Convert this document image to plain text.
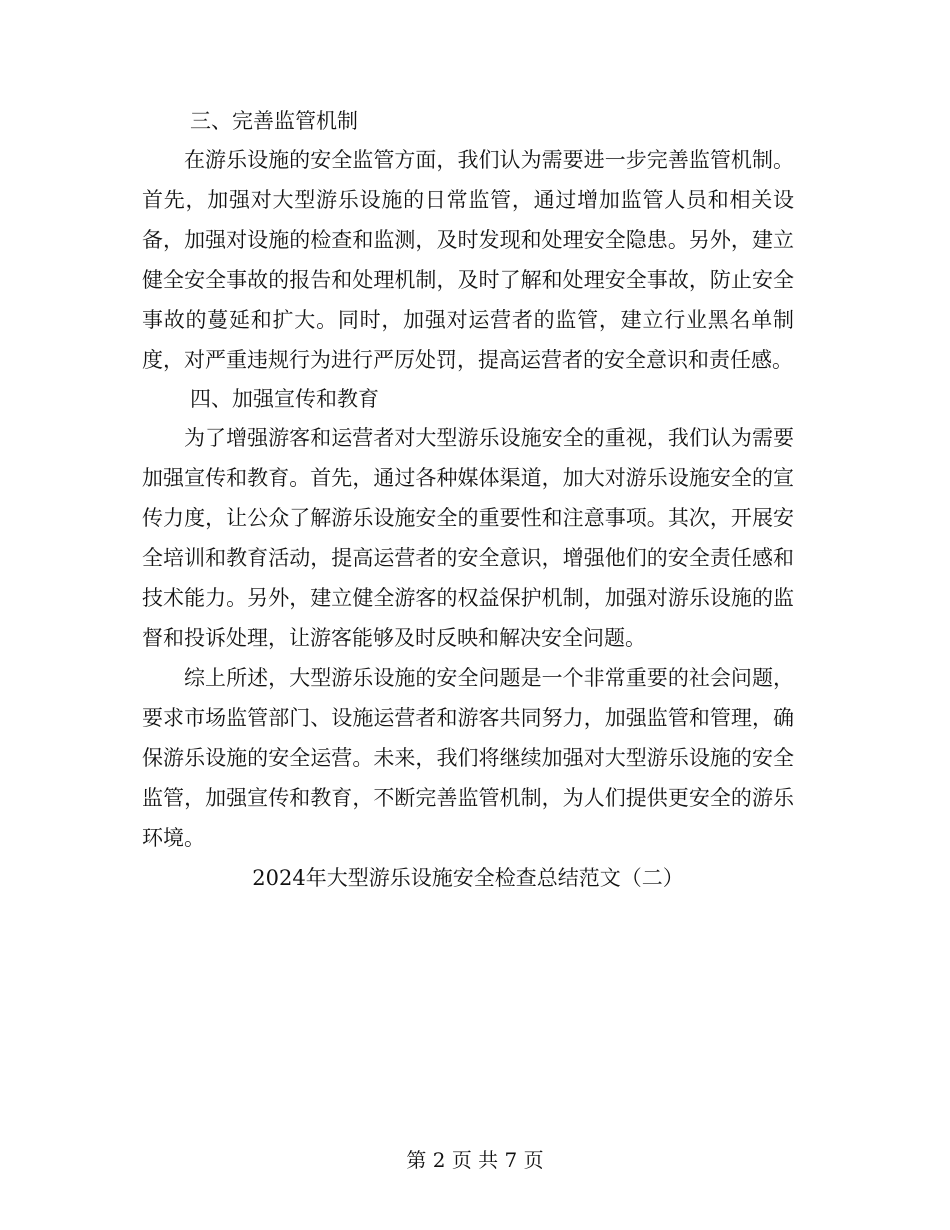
三、完善监管机制

在游乐设施的安全监管方面，我们认为需要进一步完善监管机制。首先，加强对大型游乐设施的日常监管，通过增加监管人员和相关设备，加强对设施的检查和监测，及时发现和处理安全隐患。另外，建立健全安全事故的报告和处理机制，及时了解和处理安全事故，防止安全事故的蔓延和扩大。同时，加强对运营者的监管，建立行业黑名单制度，对严重违规行为进行严厉处罚，提高运营者的安全意识和责任感。

四、加强宣传和教育

为了增强游客和运营者对大型游乐设施安全的重视，我们认为需要加强宣传和教育。首先，通过各种媒体渠道，加大对游乐设施安全的宣传力度，让公众了解游乐设施安全的重要性和注意事项。其次，开展安全培训和教育活动，提高运营者的安全意识，增强他们的安全责任感和技术能力。另外，建立健全游客的权益保护机制，加强对游乐设施的监督和投诉处理，让游客能够及时反映和解决安全问题。

综上所述，大型游乐设施的安全问题是一个非常重要的社会问题，要求市场监管部门、设施运营者和游客共同努力，加强监管和管理，确保游乐设施的安全运营。未来，我们将继续加强对大型游乐设施的安全监管，加强宣传和教育，不断完善监管机制，为人们提供更安全的游乐环境。

2024年大型游乐设施安全检查总结范文（二）
第 2 页 共 7 页
